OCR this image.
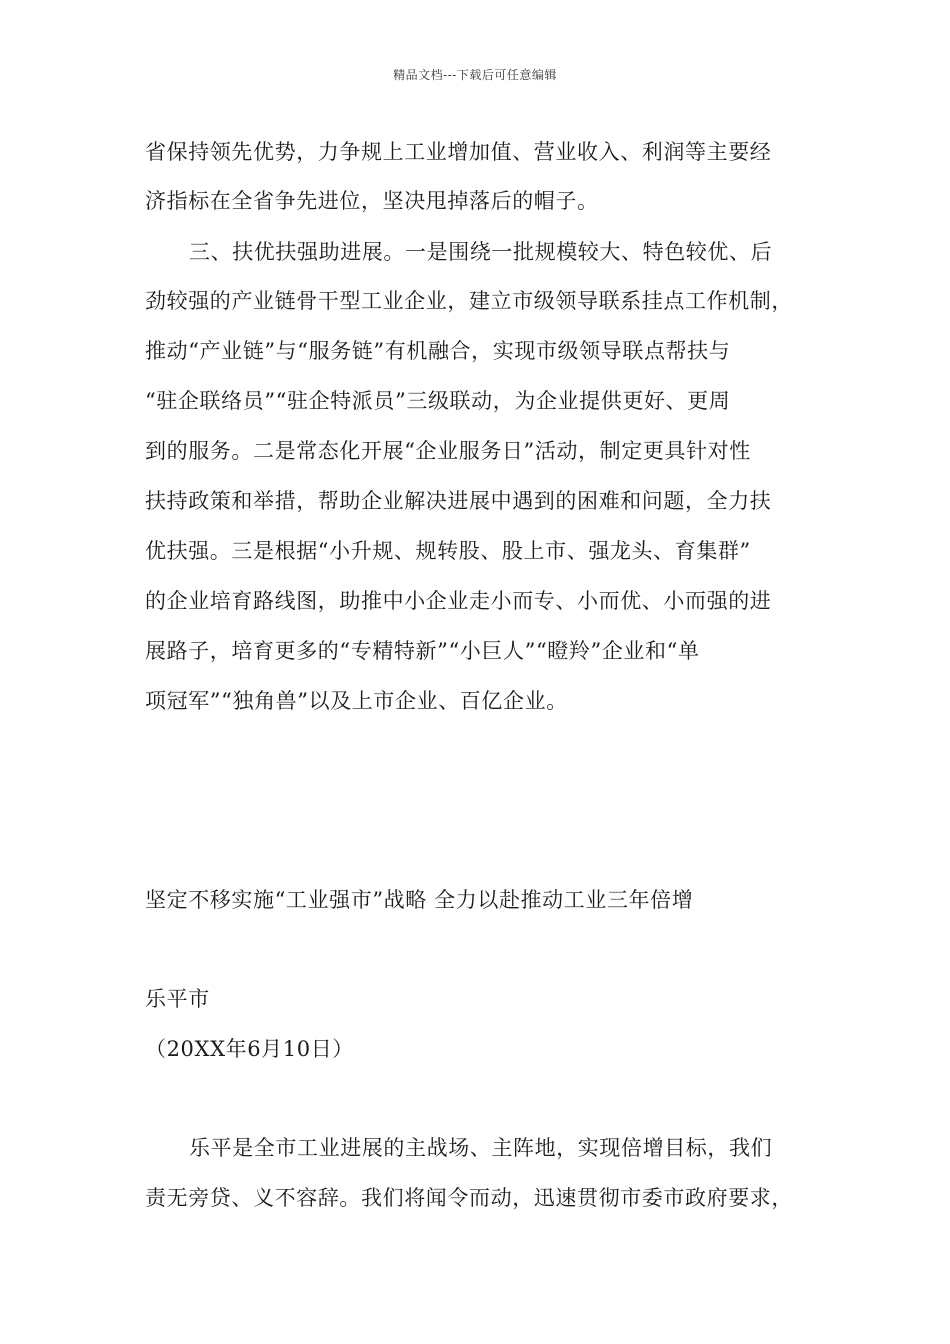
精品文档---下载后可任意编辑
省保持领先优势，力争规上工业增加值、营业收入、利润等主要经
济指标在全省争先进位，坚决甩掉落后的帽子。
三、扶优扶强助进展。一是围绕一批规模较大、特色较优、后
劲较强的产业链骨干型工业企业，建立市级领导联系挂点工作机制，
推动“产业链”与“服务链”有机融合，实现市级领导联点帮扶与
“驻企联络员”“驻企特派员”三级联动，为企业提供更好、更周
到的服务。二是常态化开展“企业服务日”活动，制定更具针对性
扶持政策和举措，帮助企业解决进展中遇到的困难和问题，全力扶
优扶强。三是根据“小升规、规转股、股上市、强龙头、育集群”
的企业培育路线图，助推中小企业走小而专、小而优、小而强的进
展路子，培育更多的“专精特新”“小巨人”“瞪羚”企业和“单
项冠军”“独角兽”以及上市企业、百亿企业。
坚定不移实施“工业强市”战略 全力以赴推动工业三年倍增
乐平市
（20XX年6月10日）
乐平是全市工业进展的主战场、主阵地，实现倍增目标，我们
责无旁贷、义不容辞。我们将闻令而动，迅速贯彻市委市政府要求，
